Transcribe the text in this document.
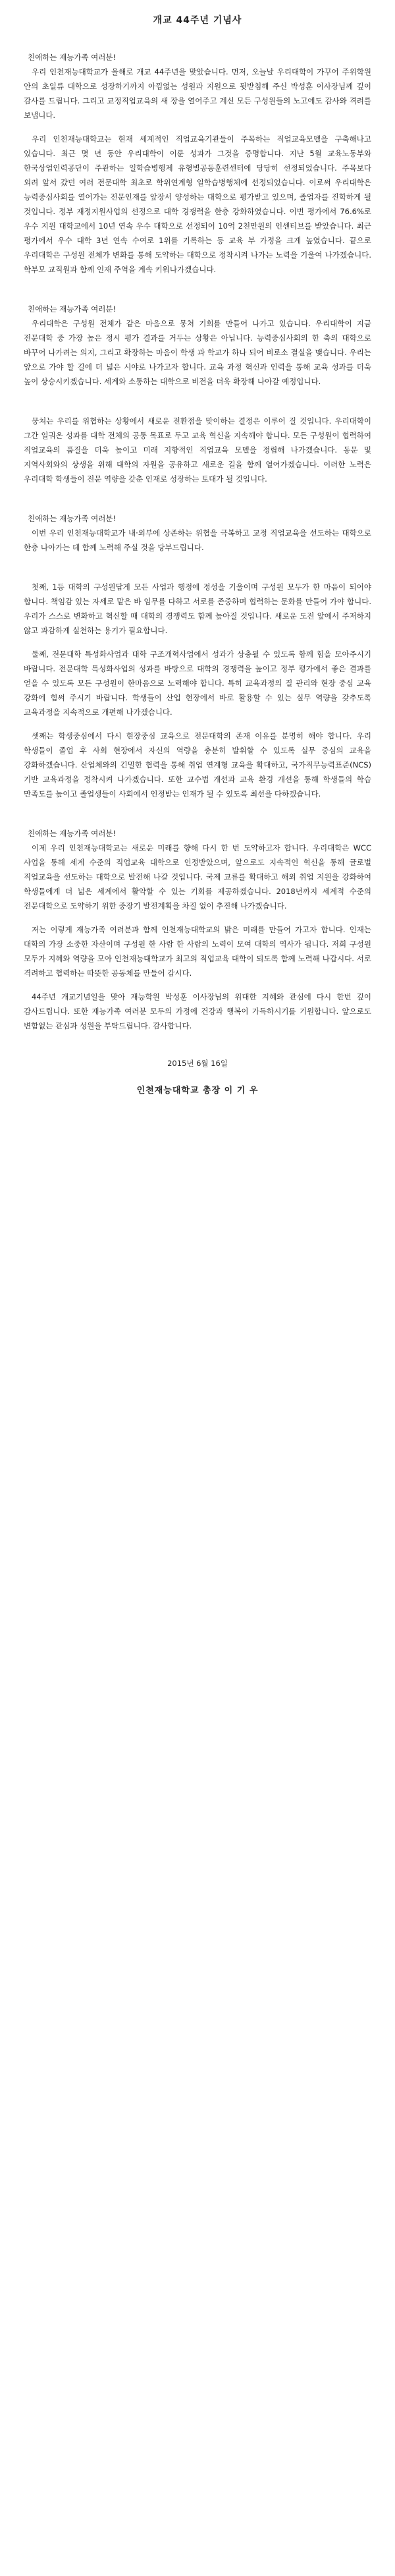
개교 44주년 기념사

친애하는 재능가족 여러분!

우리 인천재능대학교가 올해로 개교 44주년을 맞았습니다. 먼저, 오늘날 우리대학이 가꾸어 주위학원 안의 초일류 대학으로 성장하기까지 아낌없는 성원과 지원으로 뒷받침해 주신 박성훈 이사장님께 깊이 감사를 드립니다. 그리고 교정직업교육의 새 장을 열어주고 계신 모든 구성원들의 노고에도 감사와 격려를 보냅니다.

우리 인천재능대학교는 현재 세계적인 직업교육기관들이 주목하는 직업교육모델을 구축해나고 있습니다. 최근 몇 년 동안 우리대학이 이룬 성과가 그것을 증명합니다. 지난 5월 교육노동부와 한국상업인력공단이 주관하는 일학습병행제 유형별공동훈련센터에 당당히 선정되었습니다. 주목보다 외려 앞서 갔던 여러 전문대학 최초로 학위연계형 일학습병행체에 선정되었습니다. 이로써 우리대학은 능력중심사회를 열어가는 전문인재를 앞장서 양성하는 대학으로 평가받고 있으며, 졸업자를 진학하게 될 것입니다. 정부 재정지원사업의 선정으로 대학 경쟁력을 한층 강화하였습니다. 이번 평가에서 76.6%로 우수 지원 대학교에서 10년 연속 우수 대학으로 선정되어 10억 2천만원의 인센티브를 받았습니다. 최근 평가에서 우수 대학 3년 연속 수여로 1위를 기록하는 등 교육 부 가정을 크게 높였습니다. 끝으로 우리대학은 구성원 전체가 변화를 통해 도약하는 대학으로 정착시켜 나가는 노력을 기울여 나가겠습니다. 학부모 교직원과 함께 인재 주역을 계속 키워나가겠습니다.

친애하는 재능가족 여러분!

우리대학은 구성원 전체가 같은 마음으로 뭉쳐 기회를 만들어 나가고 있습니다. 우리대학이 지금 전문대학 중 가장 높은 정시 평가 결과를 거두는 상황은 아닙니다. 능력중심사회의 한 축의 대학으로 바꾸어 나가려는 의지, 그리고 확장하는 마음이 학생 과 학교가 하나 되어 비로소 결실을 맺습니다. 우리는 앞으로 가야 할 길에 더 넓은 시야로 나가고자 합니다. 교육 과정 혁신과 인력을 통해 교육 성과를 더욱 높이 상승시키겠습니다. 세계와 소통하는 대학으로 비전을 더욱 확장해 나아갈 예정입니다.

뭉쳐는 우리를 위협하는 상황에서 새로운 전환점을 맞이하는 결정은 이루어 질 것입니다. 우리대학이 그간 일궈온 성과를 대학 전체의 공통 목표로 두고 교육 혁신을 지속해야 합니다. 모든 구성원이 협력하여 직업교육의 품질을 더욱 높이고 미래 지향적인 직업교육 모델을 정립해 나가겠습니다. 동문 및 지역사회와의 상생을 위해 대학의 자원을 공유하고 새로운 길을 함께 열어가겠습니다. 이러한 노력은 우리대학 학생들이 전문 역량을 갖춘 인재로 성장하는 토대가 될 것입니다.

친애하는 재능가족 여러분!

이번 우리 인천재능대학교가 내·외부에 상존하는 위협을 극복하고 교정 직업교육을 선도하는 대학으로 한층 나아가는 데 함께 노력해 주실 것을 당부드립니다.

첫째, 1등 대학의 구성원답게 모든 사업과 행정에 정성을 기울이며 구성원 모두가 한 마음이 되어야 합니다. 책임감 있는 자세로 맡은 바 임무를 다하고 서로를 존중하며 협력하는 문화를 만들어 가야 합니다. 우리가 스스로 변화하고 혁신할 때 대학의 경쟁력도 함께 높아질 것입니다. 새로운 도전 앞에서 주저하지 않고 과감하게 실천하는 용기가 필요합니다.

둘째, 전문대학 특성화사업과 대학 구조개혁사업에서 성과가 상충될 수 있도록 함께 힘을 모아주시기 바랍니다. 전문대학 특성화사업의 성과를 바탕으로 대학의 경쟁력을 높이고 정부 평가에서 좋은 결과를 얻을 수 있도록 모든 구성원이 한마음으로 노력해야 합니다. 특히 교육과정의 질 관리와 현장 중심 교육 강화에 힘써 주시기 바랍니다. 학생들이 산업 현장에서 바로 활용할 수 있는 실무 역량을 갖추도록 교육과정을 지속적으로 개편해 나가겠습니다.

셋째는 학생중심에서 다시 현장중심 교육으로 전문대학의 존재 이유를 분명히 해야 합니다. 우리 학생들이 졸업 후 사회 현장에서 자신의 역량을 충분히 발휘할 수 있도록 실무 중심의 교육을 강화하겠습니다. 산업체와의 긴밀한 협력을 통해 취업 연계형 교육을 확대하고, 국가직무능력표준(NCS) 기반 교육과정을 정착시켜 나가겠습니다. 또한 교수법 개선과 교육 환경 개선을 통해 학생들의 학습 만족도를 높이고 졸업생들이 사회에서 인정받는 인재가 될 수 있도록 최선을 다하겠습니다.

친애하는 재능가족 여러분!

이제 우리 인천재능대학교는 새로운 미래를 향해 다시 한 번 도약하고자 합니다. 우리대학은 WCC 사업을 통해 세계 수준의 직업교육 대학으로 인정받았으며, 앞으로도 지속적인 혁신을 통해 글로벌 직업교육을 선도하는 대학으로 발전해 나갈 것입니다. 국제 교류를 확대하고 해외 취업 지원을 강화하여 학생들에게 더 넓은 세계에서 활약할 수 있는 기회를 제공하겠습니다. 2018년까지 세계적 수준의 전문대학으로 도약하기 위한 중장기 발전계획을 차질 없이 추진해 나가겠습니다.

저는 이렇게 재능가족 여러분과 함께 인천재능대학교의 밝은 미래를 만들어 가고자 합니다. 인재는 대학의 가장 소중한 자산이며 구성원 한 사람 한 사람의 노력이 모여 대학의 역사가 됩니다. 저희 구성원 모두가 지혜와 역량을 모아 인천재능대학교가 최고의 직업교육 대학이 되도록 함께 노력해 나갑시다. 서로 격려하고 협력하는 따뜻한 공동체를 만들어 갑시다.

44주년 개교기념일을 맞아 재능학원 박성훈 이사장님의 위대한 지혜와 관심에 다시 한번 깊이 감사드립니다. 또한 재능가족 여러분 모두의 가정에 건강과 행복이 가득하시기를 기원합니다. 앞으로도 변함없는 관심과 성원을 부탁드립니다. 감사합니다.

2015년 6월 16일
인천재능대학교 총장 이 기 우
